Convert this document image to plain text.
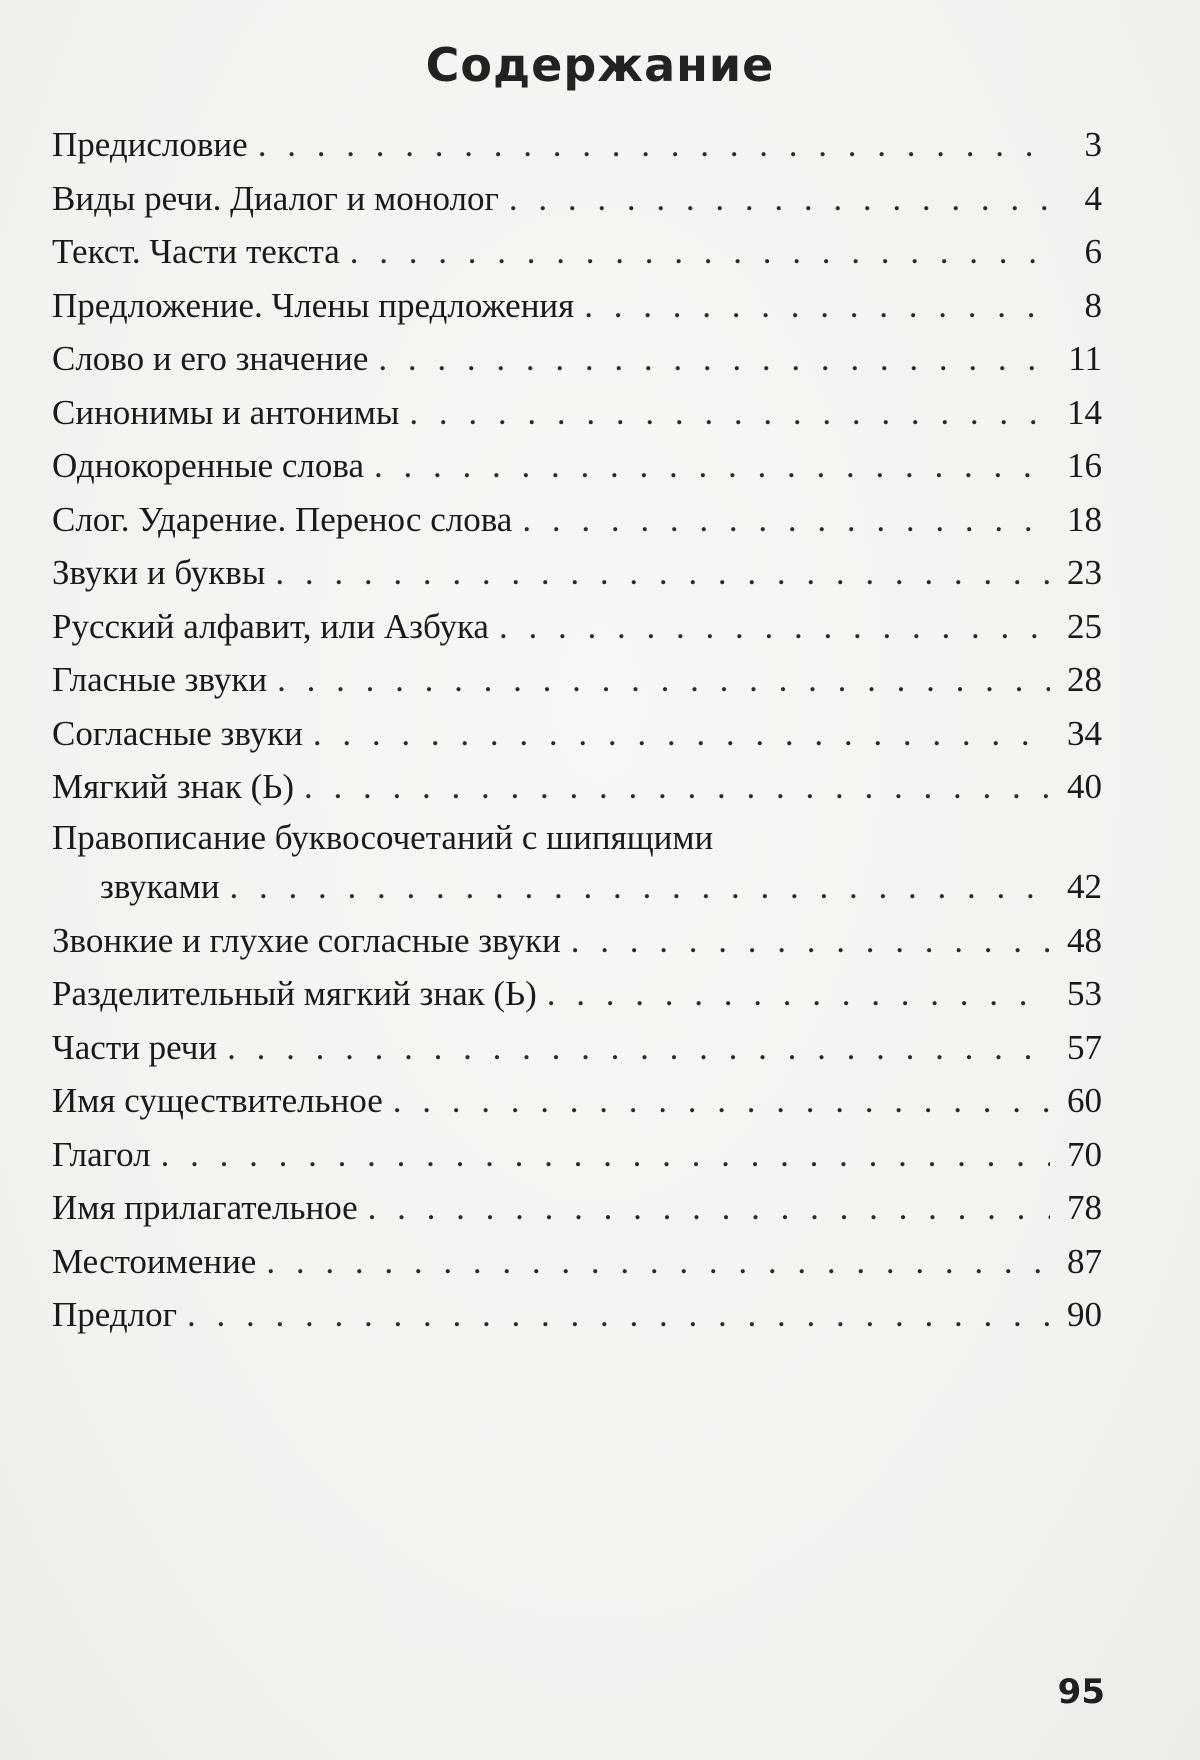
Содержание
Предисловие . . .	3
Виды речи. Диалог и монолог . . .	4
Текст. Части текста . . .	6
Предложение. Члены предложения . . .	8
Слово и его значение . . .	11
Синонимы и антонимы . . .	14
Однокоренные слова . . .	16
Слог. Ударение. Перенос слова . . .	18
Звуки и буквы . . .	23
Русский алфавит, или Азбука . . .	25
Гласные звуки . . .	28
Согласные звуки . . .	34
Мягкий знак (Ь) . . .	40
Правописание буквосочетаний с шипящими
звуками . . .	42
Звонкие и глухие согласные звуки . . .	48
Разделительный мягкий знак (Ь) . . .	53
Части речи . . .	57
Имя существительное . . .	60
Глагол . . .	70
Имя прилагательное . . .	78
Местоимение . . .	87
Предлог . . .	90
95
